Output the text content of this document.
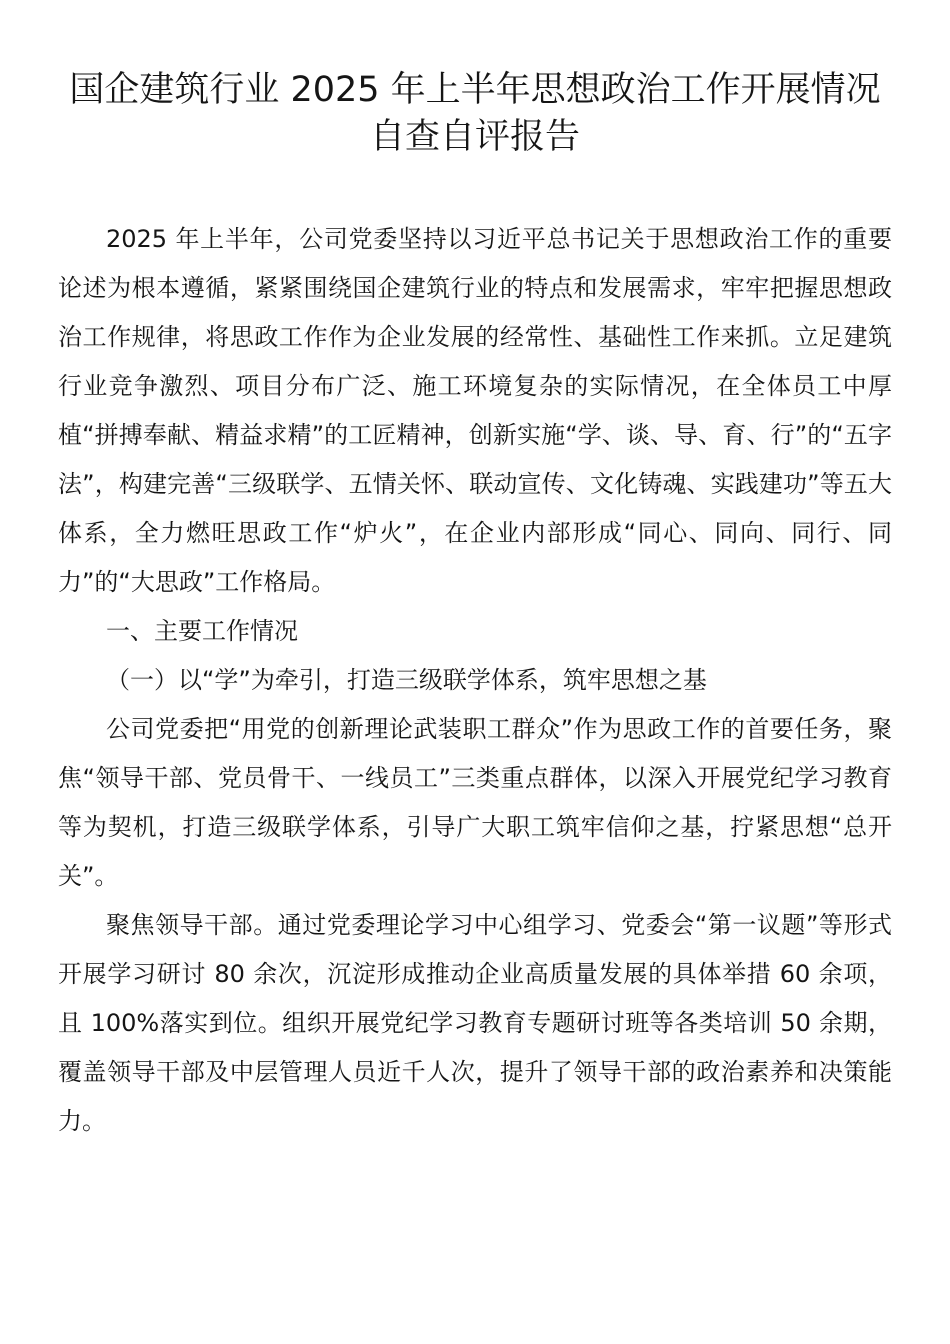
国企建筑行业 2025 年上半年思想政治工作开展情况
自查自评报告

2025 年上半年，公司党委坚持以习近平总书记关于思想政治工作的重要论述为根本遵循，紧紧围绕国企建筑行业的特点和发展需求，牢牢把握思想政治工作规律，将思政工作作为企业发展的经常性、基础性工作来抓。立足建筑行业竞争激烈、项目分布广泛、施工环境复杂的实际情况，在全体员工中厚植“拼搏奉献、精益求精”的工匠精神，创新实施“学、谈、导、育、行”的“五字法”，构建完善“三级联学、五情关怀、联动宣传、文化铸魂、实践建功”等五大体系，全力燃旺思政工作“炉火”，在企业内部形成“同心、同向、同行、同力”的“大思政”工作格局。

一、主要工作情况

（一）以“学”为牵引，打造三级联学体系，筑牢思想之基

公司党委把“用党的创新理论武装职工群众”作为思政工作的首要任务，聚焦“领导干部、党员骨干、一线员工”三类重点群体，以深入开展党纪学习教育等为契机，打造三级联学体系，引导广大职工筑牢信仰之基，拧紧思想“总开关”。

聚焦领导干部。通过党委理论学习中心组学习、党委会“第一议题”等形式开展学习研讨 80 余次，沉淀形成推动企业高质量发展的具体举措 60 余项，且 100%落实到位。组织开展党纪学习教育专题研讨班等各类培训 50 余期，覆盖领导干部及中层管理人员近千人次，提升了领导干部的政治素养和决策能力。
